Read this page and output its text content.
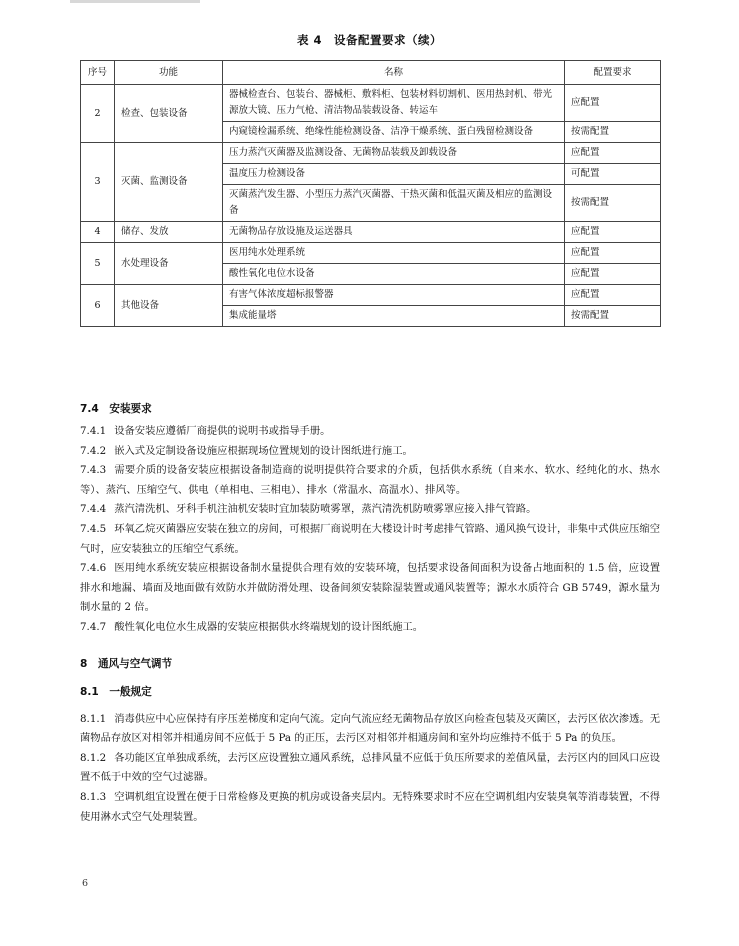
表 4　设备配置要求（续）
序号	功能	名称	配置要求
2	检查、包装设备	器械检查台、包装台、器械柜、敷料柜、包装材料切割机、医用热封机、带光源放大镜、压力气枪、清洁物品装载设备、转运车	应配置
		内窥镜检漏系统、绝缘性能检测设备、洁净干燥系统、蛋白残留检测设备	按需配置
3	灭菌、监测设备	压力蒸汽灭菌器及监测设备、无菌物品装载及卸载设备	应配置
		温度压力检测设备	可配置
		灭菌蒸汽发生器、小型压力蒸汽灭菌器、干热灭菌和低温灭菌及相应的监测设备	按需配置
4	储存、发放	无菌物品存放设施及运送器具	应配置
5	水处理设备	医用纯水处理系统	应配置
		酸性氧化电位水设备	应配置
6	其他设备	有害气体浓度超标报警器	应配置
		集成能量塔	按需配置
7.4　安装要求

7.4.1 设备安装应遵循厂商提供的说明书或指导手册。

7.4.2 嵌入式及定制设备设施应根据现场位置规划的设计图纸进行施工。

7.4.3 需要介质的设备安装应根据设备制造商的说明提供符合要求的介质，包括供水系统（自来水、软水、经纯化的水、热水等）、蒸汽、压缩空气、供电（单相电、三相电）、排水（常温水、高温水）、排风等。

7.4.4 蒸汽清洗机、牙科手机注油机安装时宜加装防喷雾罩，蒸汽清洗机防喷雾罩应接入排气管路。

7.4.5 环氧乙烷灭菌器应安装在独立的房间，可根据厂商说明在大楼设计时考虑排气管路、通风换气设计，非集中式供应压缩空气时，应安装独立的压缩空气系统。

7.4.6 医用纯水系统安装应根据设备制水量提供合理有效的安装环境，包括要求设备间面积为设备占地面积的 1.5 倍，应设置排水和地漏、墙面及地面做有效防水并做防滑处理、设备间须安装除湿装置或通风装置等；源水水质符合 GB 5749，源水量为制水量的 2 倍。

7.4.7 酸性氧化电位水生成器的安装应根据供水终端规划的设计图纸施工。

8　通风与空气调节
8.1　一般规定

8.1.1 消毒供应中心应保持有序压差梯度和定向气流。定向气流应经无菌物品存放区向检查包装及灭菌区，去污区依次渗透。无菌物品存放区对相邻并相通房间不应低于 5 Pa 的正压，去污区对相邻并相通房间和室外均应维持不低于 5 Pa 的负压。

8.1.2 各功能区宜单独成系统，去污区应设置独立通风系统，总排风量不应低于负压所要求的差值风量，去污区内的回风口应设置不低于中效的空气过滤器。

8.1.3 空调机组宜设置在便于日常检修及更换的机房或设备夹层内。无特殊要求时不应在空调机组内安装臭氧等消毒装置，不得使用淋水式空气处理装置。

6
